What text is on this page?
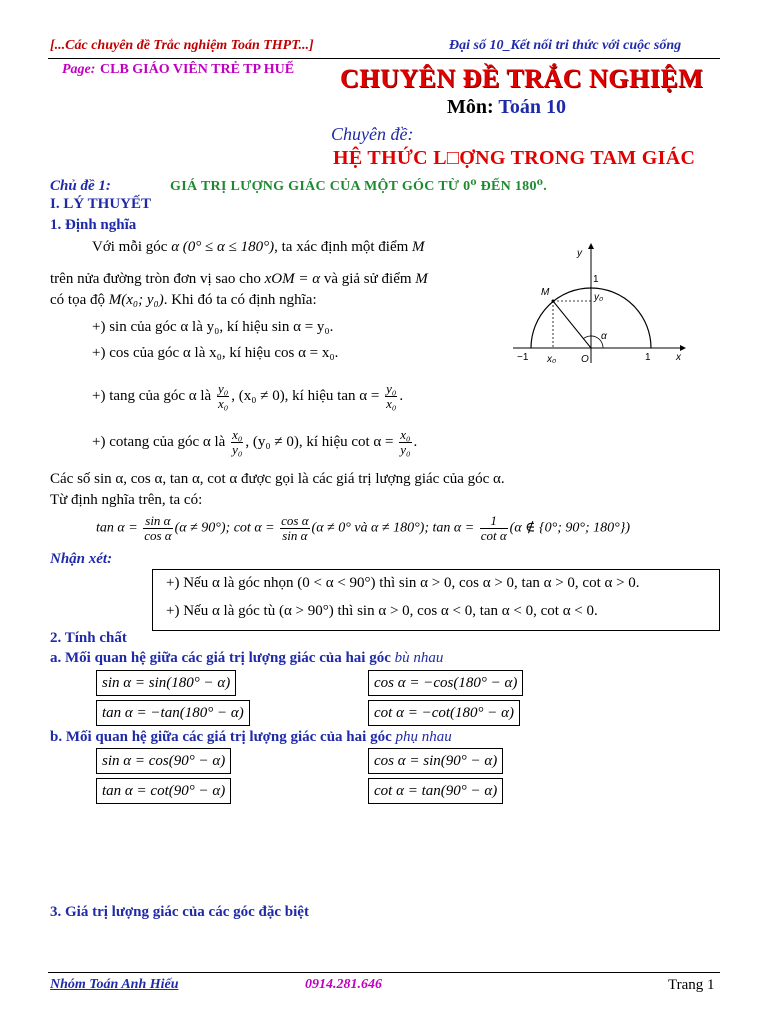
[...Các chuyên đề Trắc nghiệm Toán THPT...]	Đại số 10_Kết nối tri thức với cuộc sống
Page: CLB GIÁO VIÊN TRẺ TP HUẾ CHUYÊN ĐỀ TRẮC NGHIỆM
Môn: Toán 10
Chuyên đề:
HỆ THỨC L□ỢNG TRONG TAM GIÁC
Chủ đề 1:	GIÁ TRỊ LƯỢNG GIÁC CỦA MỘT GÓC TỪ 0⁰ ĐẾN 180⁰.
I. LÝ THUYẾT
1. Định nghĩa
Với mỗi góc α (0° ≤ α ≤ 180°), ta xác định một điểm M
trên nửa đường tròn đơn vị sao cho xOM = α và giả sử điểm M
có tọa độ M(x₀; y₀). Khi đó ta có định nghĩa:
+) sin của góc α là y₀, kí hiệu sin α = y₀.
+) cos của góc α là x₀, kí hiệu cos α = x₀.
+) tang của góc α là $\frac{\text{y₀}}{\text{x₀}}$ , (x₀ ≠ 0), kí hiệu $\tan \alpha = \frac{\text{y₀}}{\text{x₀}}$ .
+) cotang của góc α là $\frac{\text{x₀}}{\text{y₀}}$ , (y₀ ≠ 0), kí hiệu $\cot \alpha = \frac{\text{x₀}}{\text{y₀}}$ .
Các số sin α, cos α, tan α, cot α được gọi là các giá trị lượng giác của góc α.
Từ định nghĩa trên, ta có:
$\tan \alpha = \frac{\text{sin α}}{\text{cos α}} (\alpha \ne 90^\circ)$; $\cot \alpha = \frac{\text{cos α}}{\text{sin α}} (\alpha \ne 0^\circ$ và α ≠ 180°); $\tan \alpha = \frac{1}{\text{cot α}} (\alpha$ ∉ {0°; 90°; 180°})
Nhận xét:
+) Nếu α là góc nhọn (0 < α < 90°) thì sin α > 0, cos α > 0, tan α > 0, cot α > 0.
+) Nếu α là góc tù (α > 90°) thì sin α > 0, cos α < 0, tan α < 0, cot α < 0.
2. Tính chất
a. Mối quan hệ giữa các giá trị lượng giác của hai góc bù nhau
sin α = sin(180° − α)	cos α = −cos(180° − α)
tan α = −tan(180° − α)	cot α = −cot(180° − α)
b. Mối quan hệ giữa các giá trị lượng giác của hai góc phụ nhau
sin α = cos(90° − α)	cos α = sin(90° − α)
tan α = cot(90° − α)	cot α = tan(90° − α)
3. Giá trị lượng giác của các góc đặc biệt
y
x
M
1
y₀
α
−1 x₀ O	1
Nhóm Toán Anh Hiếu	0914.281.646	Trang 1
